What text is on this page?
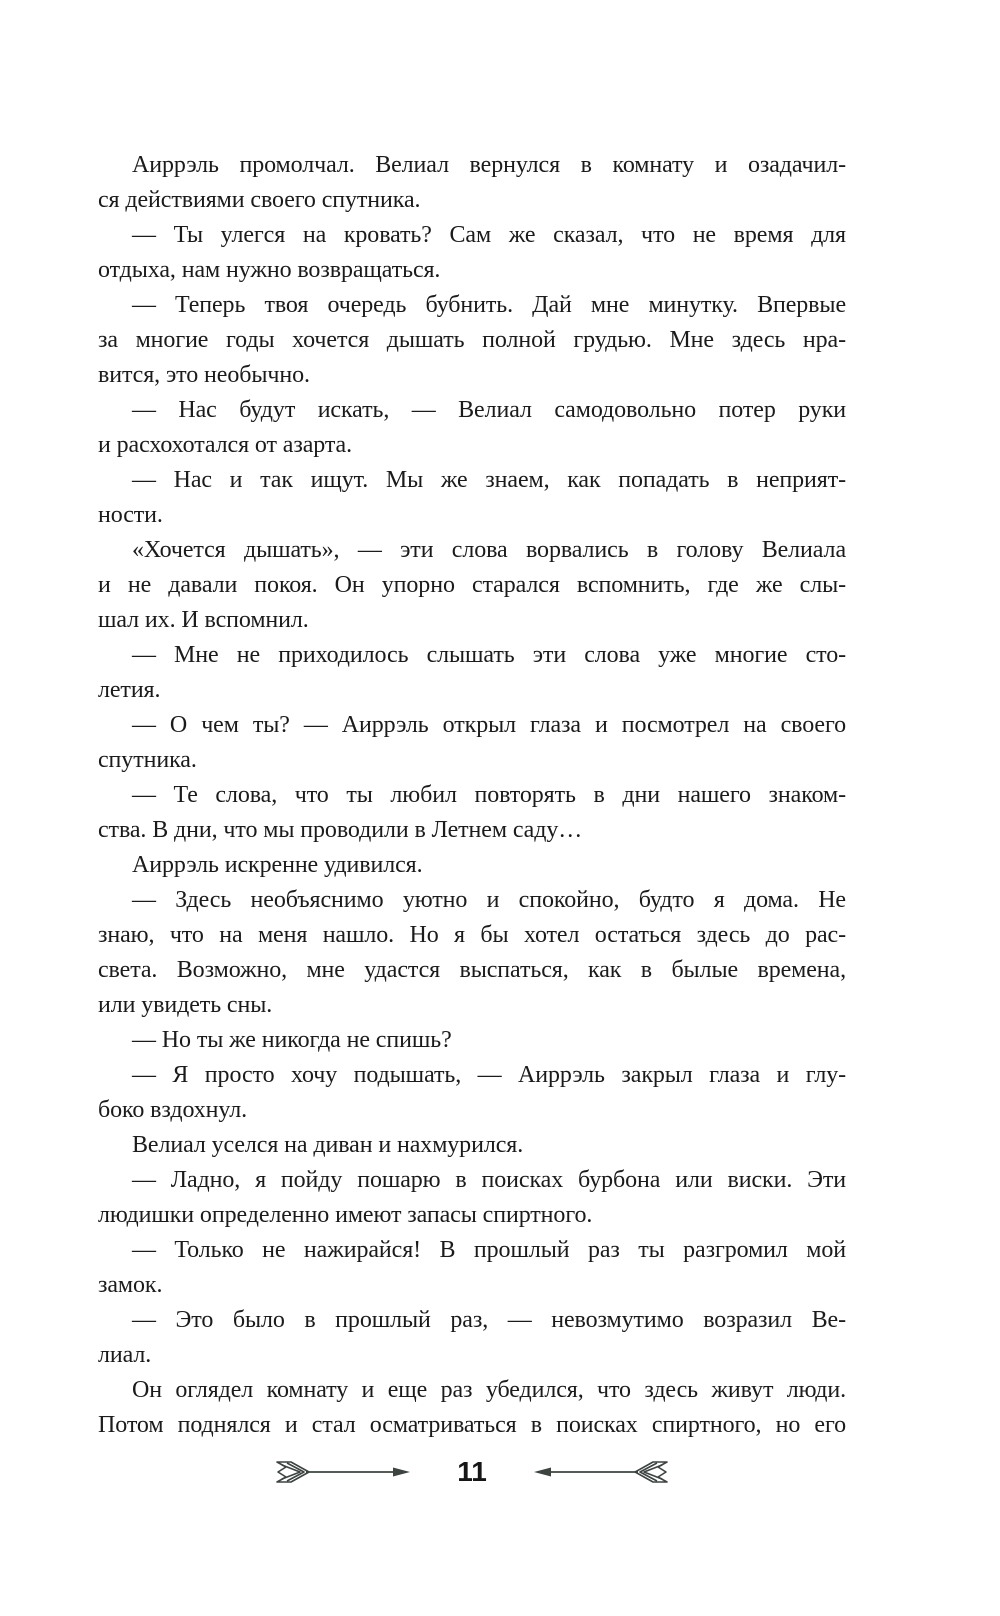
Аиррэль промолчал. Велиал вернулся в комнату и озадачил-
ся действиями своего спутника.
— Ты улегся на кровать? Сам же сказал, что не время для
отдыха, нам нужно возвращаться.
— Теперь твоя очередь бубнить. Дай мне минутку. Впервые
за многие годы хочется дышать полной грудью. Мне здесь нра-
вится, это необычно.
— Нас будут искать, — Велиал самодовольно потер руки
и расхохотался от азарта.
— Нас и так ищут. Мы же знаем, как попадать в неприят-
ности.
«Хочется дышать», — эти слова ворвались в голову Велиала
и не давали покоя. Он упорно старался вспомнить, где же слы-
шал их. И вспомнил.
— Мне не приходилось слышать эти слова уже многие сто-
летия.
— О чем ты? — Аиррэль открыл глаза и посмотрел на своего
спутника.
— Те слова, что ты любил повторять в дни нашего знаком-
ства. В дни, что мы проводили в Летнем саду…
Аиррэль искренне удивился.
— Здесь необъяснимо уютно и спокойно, будто я дома. Не
знаю, что на меня нашло. Но я бы хотел остаться здесь до рас-
света. Возможно, мне удастся выспаться, как в былые времена,
или увидеть сны.
— Но ты же никогда не спишь?
— Я просто хочу подышать, — Аиррэль закрыл глаза и глу-
боко вздохнул.
Велиал уселся на диван и нахмурился.
— Ладно, я пойду пошарю в поисках бурбона или виски. Эти
людишки определенно имеют запасы спиртного.
— Только не нажирайся! В прошлый раз ты разгромил мой
замок.
— Это было в прошлый раз, — невозмутимо возразил Ве-
лиал.
Он оглядел комнату и еще раз убедился, что здесь живут люди.
Потом поднялся и стал осматриваться в поисках спиртного, но его
11
